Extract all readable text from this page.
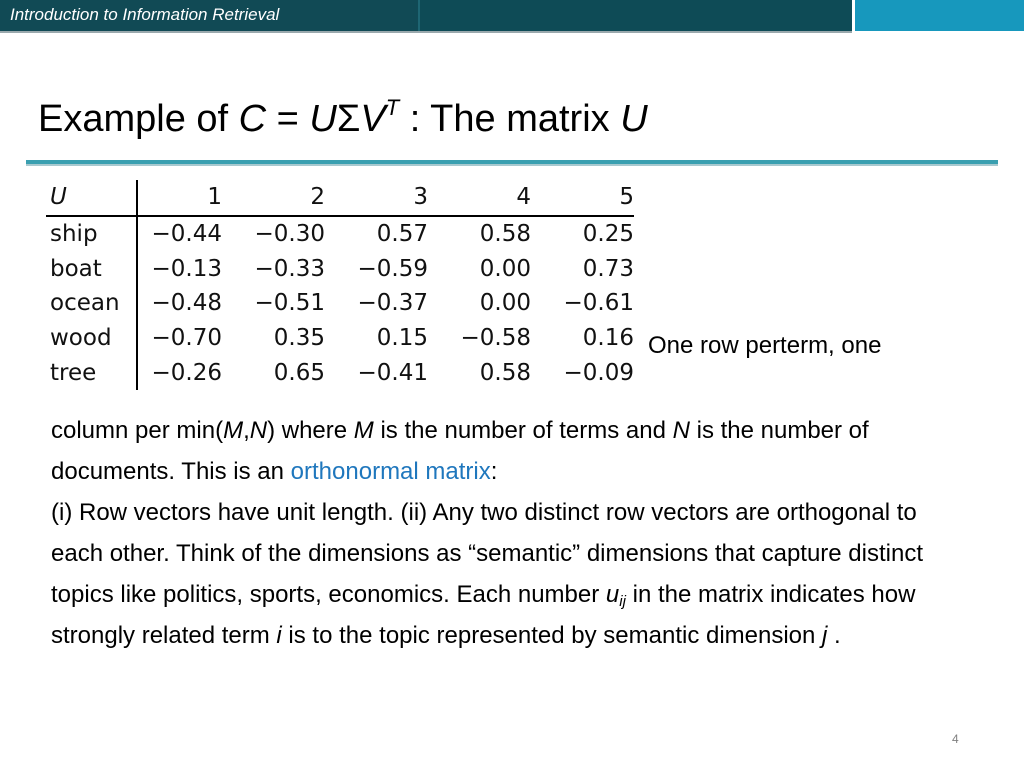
Introduction to Information Retrieval
Example of $C = U\Sigma V^T$ : The matrix U
U	1	2	3	4	5
ship	−0.44	−0.30	0.57	0.58	0.25
boat	−0.13	−0.33	−0.59	0.00	0.73
ocean	−0.48	−0.51	−0.37	0.00	−0.61
wood	−0.70	0.35	0.15	−0.58	0.16
tree	−0.26	0.65	−0.41	0.58	−0.09
One row perterm, one
column per min(M,N) where M is the number of terms and N is the number of documents. This is an orthonormal matrix:
(i) Row vectors have unit length. (ii) Any two distinct row vectors are orthogonal to each other. Think of the dimensions as “semantic” dimensions that capture distinct topics like politics, sports, economics. Each number $u_{ij}$ in the matrix indicates how strongly related term i is to the topic represented by semantic dimension j .
4
